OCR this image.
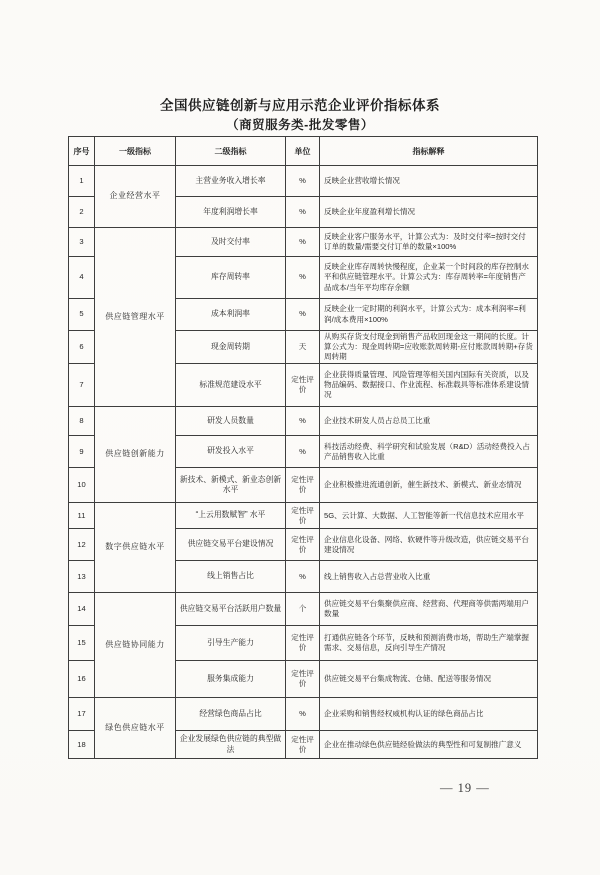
全国供应链创新与应用示范企业评价指标体系
（商贸服务类-批发零售）
序号	一级指标	二级指标	单位	指标解释
1	企业经营水平	主营业务收入增长率	%	反映企业营收增长情况
2		年度利润增长率	%	反映企业年度盈利增长情况
3	供应链管理水平	及时交付率	%	反映企业客户服务水平，计算公式为：及时交付率=按时交付订单的数量/需要交付订单的数量×100%
4		库存周转率	%	反映企业库存周转快慢程度，企业某一个时间段的库存控制水平和供应链管理水平。计算公式为：库存周转率=年度销售产品成本/当年平均库存余额
5		成本利润率	%	反映企业一定时期的利润水平，计算公式为：成本利润率=利润/成本费用×100%
6		现金周转期	天	从购买存货支付现金到销售产品收回现金这一期间的长度。计算公式为：现金周转期=应收账款周转期-应付账款周转期+存货周转期
7		标准规范建设水平	定性评价	企业获得质量管理、风险管理等相关国内国际有关资质，以及物品编码、数据接口、作业流程、标准载具等标准体系建设情况
8	供应链创新能力	研发人员数量	%	企业技术研发人员占总员工比重
9		研发投入水平	%	科技活动经费、科学研究和试验发展（R&D）活动经费投入占产品销售收入比重
10		新技术、新模式、新业态创新水平	定性评价	企业积极推进流通创新，催生新技术、新模式、新业态情况
11	数字供应链水平	“上云用数赋智” 水平	定性评价	5G、云计算、大数据、人工智能等新一代信息技术应用水平
12		供应链交易平台建设情况	定性评价	企业信息化设备、网络、软硬件等升级改造，供应链交易平台建设情况
13		线上销售占比	%	线上销售收入占总营业收入比重
14	供应链协同能力	供应链交易平台活跃用户数量	个	供应链交易平台集聚供应商、经营商、代理商等供需两端用户数量
15		引导生产能力	定性评价	打通供应链各个环节，反映和预测消费市场，帮助生产端掌握需求、交易信息，反向引导生产情况
16		服务集成能力	定性评价	供应链交易平台集成物流、仓储、配送等服务情况
17	绿色供应链水平	经营绿色商品占比	%	企业采购和销售经权威机构认证的绿色商品占比
18		企业发展绿色供应链的典型做法	定性评价	企业在推动绿色供应链经验做法的典型性和可复制推广意义
— 19 —
